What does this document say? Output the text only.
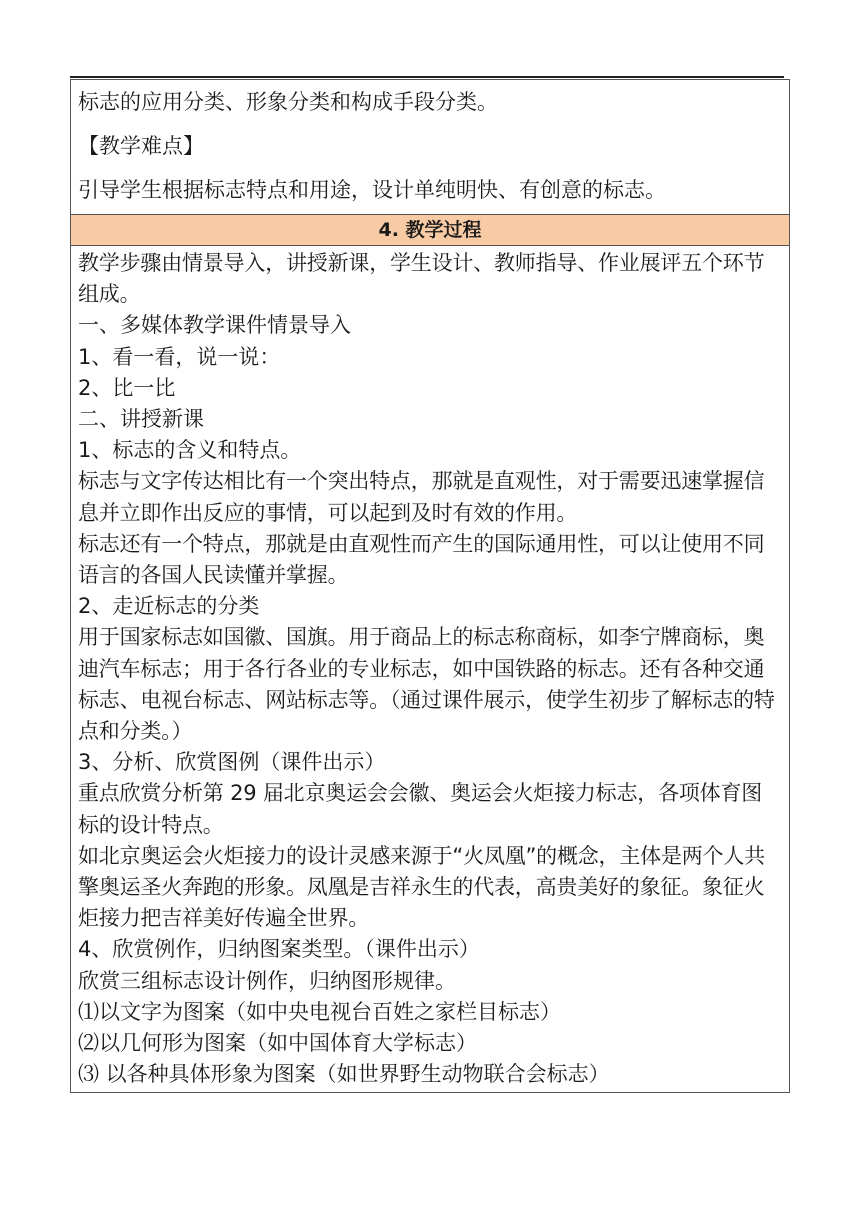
标志的应用分类、形象分类和构成手段分类。
【教学难点】
引导学生根据标志特点和用途，设计单纯明快、有创意的标志。

4. 教学过程

教学步骤由情景导入，讲授新课，学生设计、教师指导、作业展评五个环节组成。
一、多媒体教学课件情景导入
1、看一看，说一说：
2、比一比
二、讲授新课
1、标志的含义和特点。
标志与文字传达相比有一个突出特点，那就是直观性，对于需要迅速掌握信息并立即作出反应的事情，可以起到及时有效的作用。
标志还有一个特点，那就是由直观性而产生的国际通用性，可以让使用不同语言的各国人民读懂并掌握。
2、走近标志的分类
用于国家标志如国徽、国旗。用于商品上的标志称商标，如李宁牌商标，奥迪汽车标志；用于各行各业的专业标志，如中国铁路的标志。还有各种交通标志、电视台标志、网站标志等。（通过课件展示，使学生初步了解标志的特点和分类。）
3、分析、欣赏图例（课件出示）
重点欣赏分析第 29 届北京奥运会会徽、奥运会火炬接力标志，各项体育图标的设计特点。
如北京奥运会火炬接力的设计灵感来源于“火凤凰”的概念，主体是两个人共擎奥运圣火奔跑的形象。凤凰是吉祥永生的代表，高贵美好的象征。象征火炬接力把吉祥美好传遍全世界。
4、欣赏例作，归纳图案类型。（课件出示）
欣赏三组标志设计例作，归纳图形规律。
⑴以文字为图案（如中央电视台百姓之家栏目标志）
⑵以几何形为图案（如中国体育大学标志）
⑶ 以各种具体形象为图案（如世界野生动物联合会标志）
